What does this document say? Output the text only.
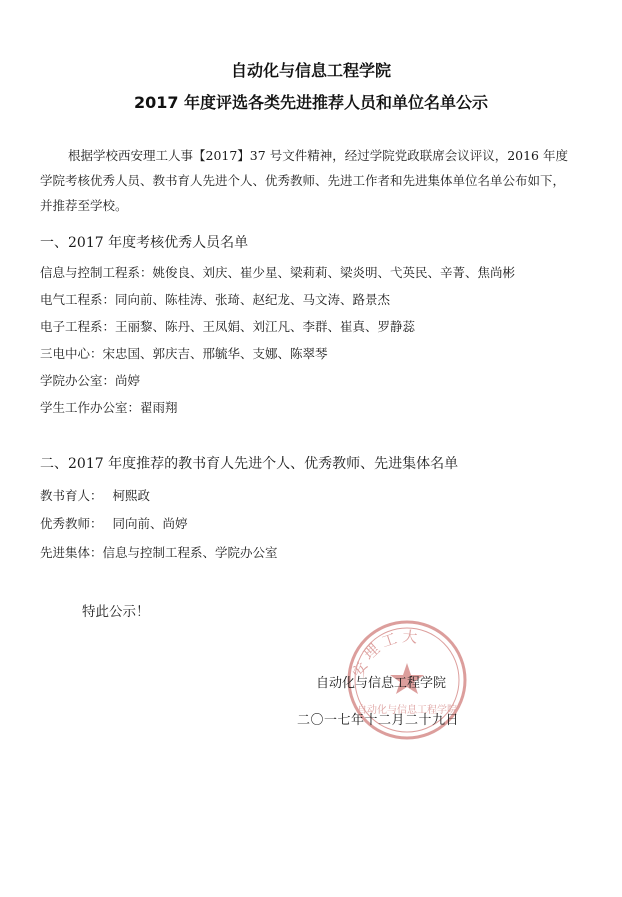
自动化与信息工程学院
2017 年度评选各类先进推荐人员和单位名单公示
根据学校西安理工人事【2017】37 号文件精神，经过学院党政联席会议评议，2016 年度
学院考核优秀人员、教书育人先进个人、优秀教师、先进工作者和先进集体单位名单公布如下，
并推荐至学校。
一、2017 年度考核优秀人员名单
信息与控制工程系：姚俊良、刘庆、崔少星、梁莉莉、梁炎明、弋英民、辛菁、焦尚彬
电气工程系：同向前、陈桂涛、张琦、赵纪龙、马文涛、路景杰
电子工程系：王丽黎、陈丹、王凤娟、刘江凡、李群、崔真、罗静蕊
三电中心：宋忠国、郭庆吉、邢毓华、支娜、陈翠琴
学院办公室：尚婷
学生工作办公室：翟雨翔
二、2017 年度推荐的教书育人先进个人、优秀教师、先进集体名单
教书育人： 柯熙政
优秀教师： 同向前、尚婷
先进集体：信息与控制工程系、学院办公室
特此公示！
安理工大
自动化与信息工程学院
自动化与信息工程学院
二〇一七年十二月二十九日
